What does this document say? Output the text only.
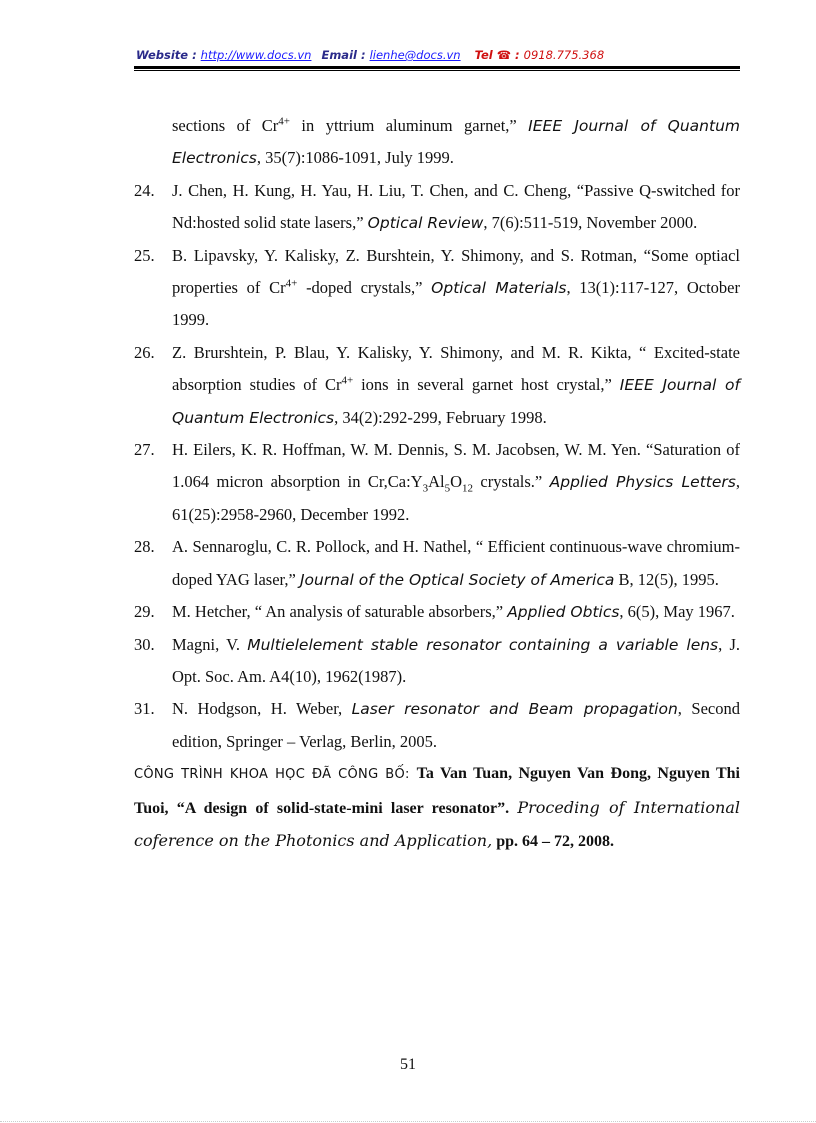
Website : http://www.docs.vn Email : lienhe@docs.vn Tel ☎ : 0918.775.368
sections of $Cr^{4+}$ in yttrium aluminum garnet,” IEEE Journal of Quantum Electronics, 35(7):1086-1091, July 1999.
24. J. Chen, H. Kung, H. Yau, H. Liu, T. Chen, and C. Cheng, “Passive Q-switched for Nd:hosted solid state lasers,” Optical Review, 7(6):511-519, November 2000.
25. B. Lipavsky, Y. Kalisky, Z. Burshtein, Y. Shimony, and S. Rotman, “Some optiacl properties of $Cr^{4+}$ -doped crystals,” Optical Materials, 13(1):117-127, October 1999.
26. Z. Brurshtein, P. Blau, Y. Kalisky, Y. Shimony, and M. R. Kikta, “ Excited-state absorption studies of $Cr^{4+}$ ions in several garnet host crystal,” IEEE Journal of Quantum Electronics, 34(2):292-299, February 1998.
27. H. Eilers, K. R. Hoffman, W. M. Dennis, S. M. Jacobsen, W. M. Yen. “Saturation of 1.064 micron absorption in $Cr,Ca:Y_3Al_5O_{12}$ crystals.” Applied Physics Letters, 61(25):2958-2960, December 1992.
28. A. Sennaroglu, C. R. Pollock, and H. Nathel, “ Efficient continuous-wave chromium-doped YAG laser,” Journal of the Optical Society of America B, 12(5), 1995.
29. M. Hetcher, “ An analysis of saturable absorbers,” Applied Obtics, 6(5), May 1967.
30. Magni, V. Multielelement stable resonator containing a variable lens, J. Opt. Soc. Am. A4(10), 1962(1987).
31. N. Hodgson, H. Weber, Laser resonator and Beam propagation, Second edition, Springer – Verlag, Berlin, 2005.
CÔNG TRÌNH KHOA HỌC ĐÃ CÔNG BỐ: Ta Van Tuan, Nguyen Van Đong, Nguyen Thi Tuoi, “A design of solid-state-mini laser resonator”. Proceding of International coference on the Photonics and Application, pp. 64 – 72, 2008.
51
